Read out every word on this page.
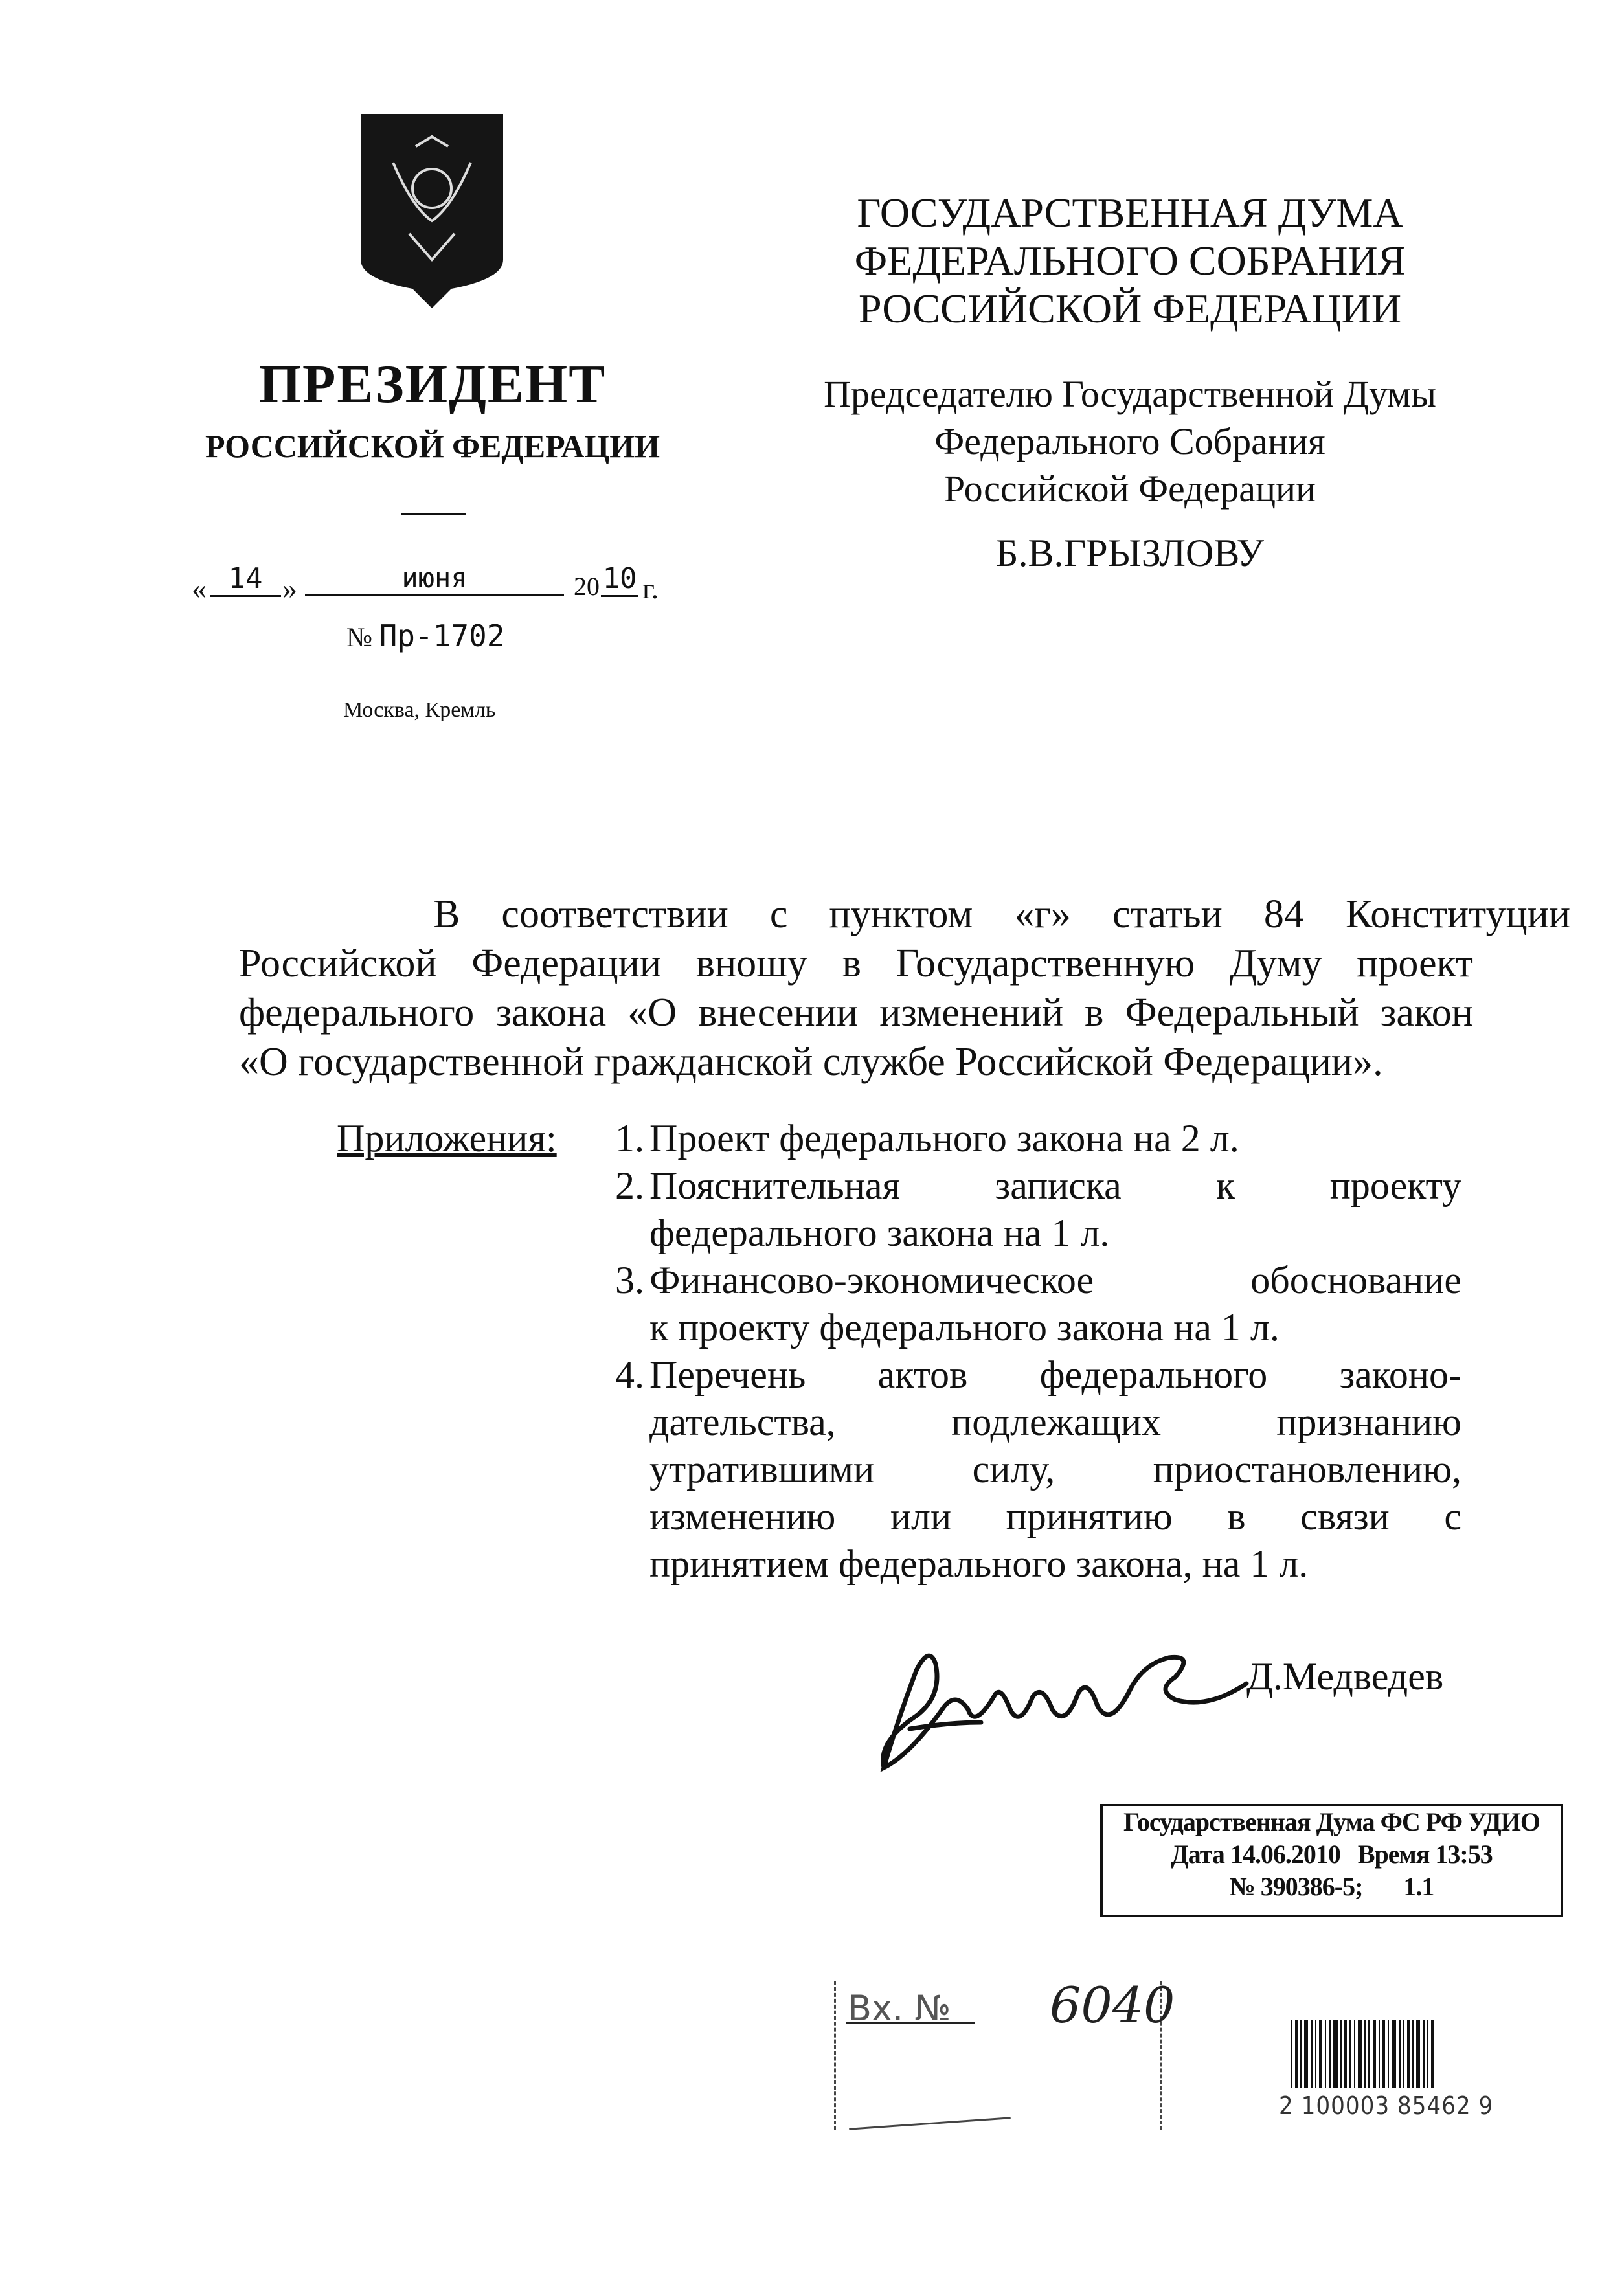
ПРЕЗИДЕНТ
РОССИЙСКОЙ ФЕДЕРАЦИИ
« 14 »	июня	20 10 г.
№ Пр-1702
Москва, Кремль
ГОСУДАРСТВЕННАЯ ДУМА
ФЕДЕРАЛЬНОГО СОБРАНИЯ
РОССИЙСКОЙ ФЕДЕРАЦИИ
Председателю Государственной Думы
Федерального Собрания
Российской Федерации
Б.В.ГРЫЗЛОВУ
В соответствии с пунктом «г» статьи 84 Конституции
Российской Федерации вношу в Государственную Думу проект
федерального закона «О внесении изменений в Федеральный закон
«О государственной гражданской службе Российской Федерации».
Приложения:	1. Проект федерального закона на 2 л.
2. Пояснительная записка к проекту
федерального закона на 1 л.
3. Финансово-экономическое обоснование
к проекту федерального закона на 1 л.
4. Перечень актов федерального законо-
дательства, подлежащих признанию
утратившими силу, приостановлению,
изменению или принятию в связи с
принятием федерального закона, на 1 л.
Д.Медведев
Государственная Дума ФС РФ УДИО
Дата 14.06.2010 Время 13:53
№ 390386-5; 1.1
Вх. № 6040
2 100003 85462 9
